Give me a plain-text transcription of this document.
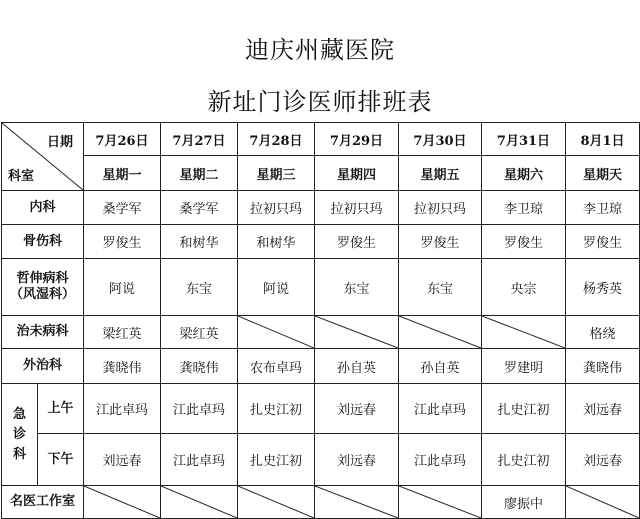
迪庆州藏医院
新址门诊医师排班表
日期
科室		7月26日	7月27日	7月28日	7月29日	7月30日	7月31日	8月1日
		星期一	星期二	星期三	星期四	星期五	星期六	星期天
内科		桑学军	桑学军	拉初只玛	拉初只玛	拉初只玛	李卫琼	李卫琼
骨伤科		罗俊生	和树华	和树华	罗俊生	罗俊生	罗俊生	罗俊生

哲伸病科
（风湿科）		阿说	东宝	阿说	东宝	东宝	央宗	杨秀英
治未病科		梁红英	梁红英					格绕
外治科		龚晓伟	龚晓伟	农布卓玛	孙自英	孙自英	罗建明	龚晓伟

急
诊
科	上午	江此卓玛	江此卓玛	扎史江初	刘远春	江此卓玛	扎史江初	刘远春
	下午	刘远春	江此卓玛	扎史江初	刘远春	江此卓玛	扎史江初	刘远春
名医工作室							廖振中	
